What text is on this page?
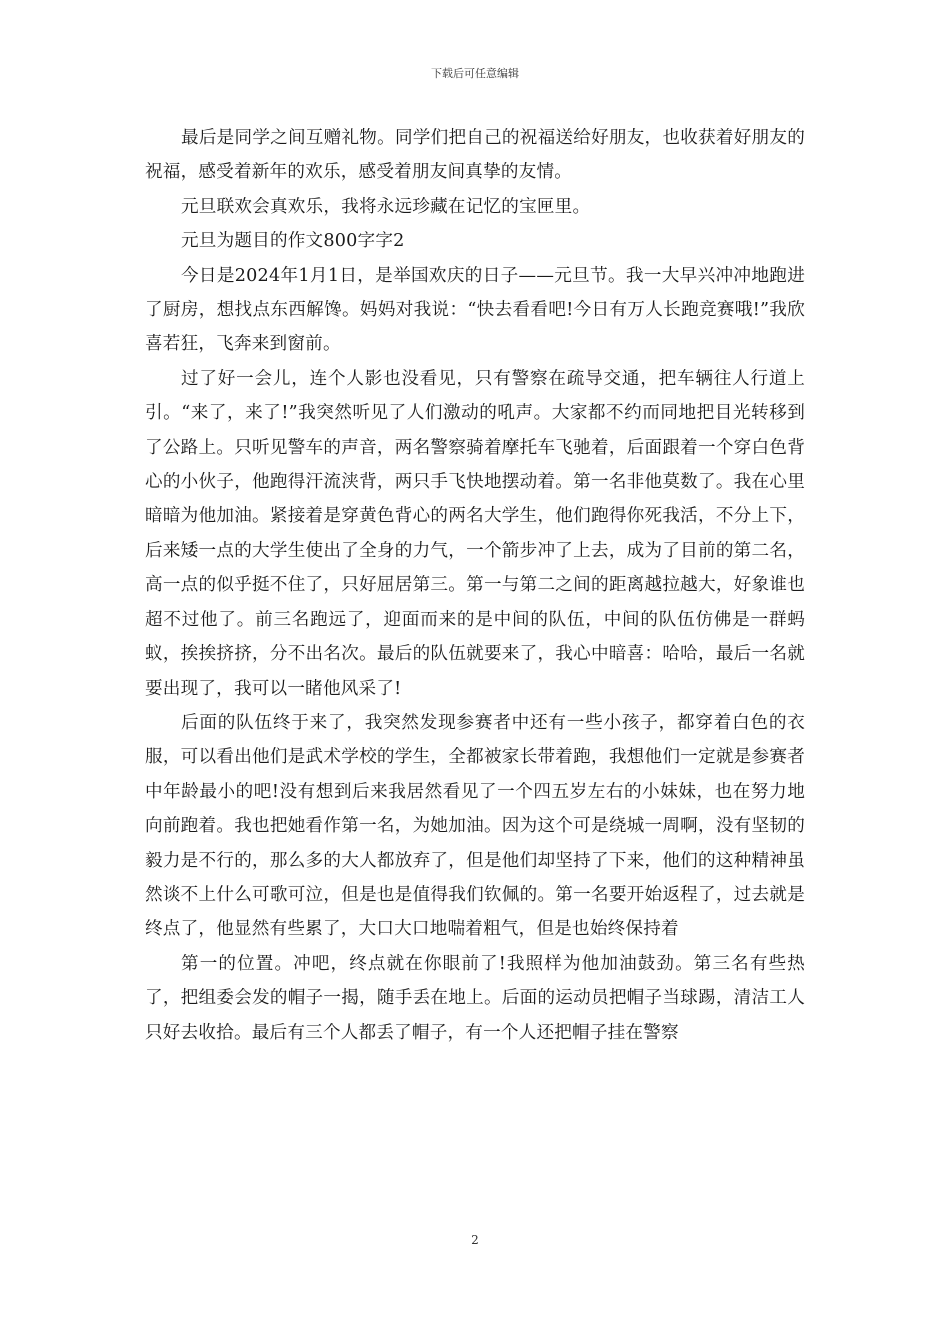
下载后可任意编辑

最后是同学之间互赠礼物。同学们把自己的祝福送给好朋友，也收获着好朋友的祝福，感受着新年的欢乐，感受着朋友间真挚的友情。

元旦联欢会真欢乐，我将永远珍藏在记忆的宝匣里。

元旦为题目的作文800字字2

今日是2024年1月1日，是举国欢庆的日子——元旦节。我一大早兴冲冲地跑进了厨房，想找点东西解馋。妈妈对我说：“快去看看吧!今日有万人长跑竞赛哦!”我欣喜若狂，飞奔来到窗前。

过了好一会儿，连个人影也没看见，只有警察在疏导交通，把车辆往人行道上引。“来了，来了!”我突然听见了人们激动的吼声。大家都不约而同地把目光转移到了公路上。只听见警车的声音，两名警察骑着摩托车飞驰着，后面跟着一个穿白色背心的小伙子，他跑得汗流浃背，两只手飞快地摆动着。第一名非他莫数了。我在心里暗暗为他加油。紧接着是穿黄色背心的两名大学生，他们跑得你死我活，不分上下，后来矮一点的大学生使出了全身的力气，一个箭步冲了上去，成为了目前的第二名，高一点的似乎挺不住了，只好屈居第三。第一与第二之间的距离越拉越大，好象谁也超不过他了。前三名跑远了，迎面而来的是中间的队伍，中间的队伍仿佛是一群蚂蚁，挨挨挤挤，分不出名次。最后的队伍就要来了，我心中暗喜：哈哈，最后一名就要出现了，我可以一睹他风采了!

后面的队伍终于来了，我突然发现参赛者中还有一些小孩子，都穿着白色的衣服，可以看出他们是武术学校的学生，全都被家长带着跑，我想他们一定就是参赛者中年龄最小的吧!没有想到后来我居然看见了一个四五岁左右的小妹妹，也在努力地向前跑着。我也把她看作第一名，为她加油。因为这个可是绕城一周啊，没有坚韧的毅力是不行的，那么多的大人都放弃了，但是他们却坚持了下来，他们的这种精神虽然谈不上什么可歌可泣，但是也是值得我们钦佩的。第一名要开始返程了，过去就是终点了，他显然有些累了，大口大口地喘着粗气，但是也始终保持着

第一的位置。冲吧，终点就在你眼前了!我照样为他加油鼓劲。第三名有些热了，把组委会发的帽子一揭，随手丢在地上。后面的运动员把帽子当球踢，清洁工人只好去收拾。最后有三个人都丢了帽子，有一个人还把帽子挂在警察

2
